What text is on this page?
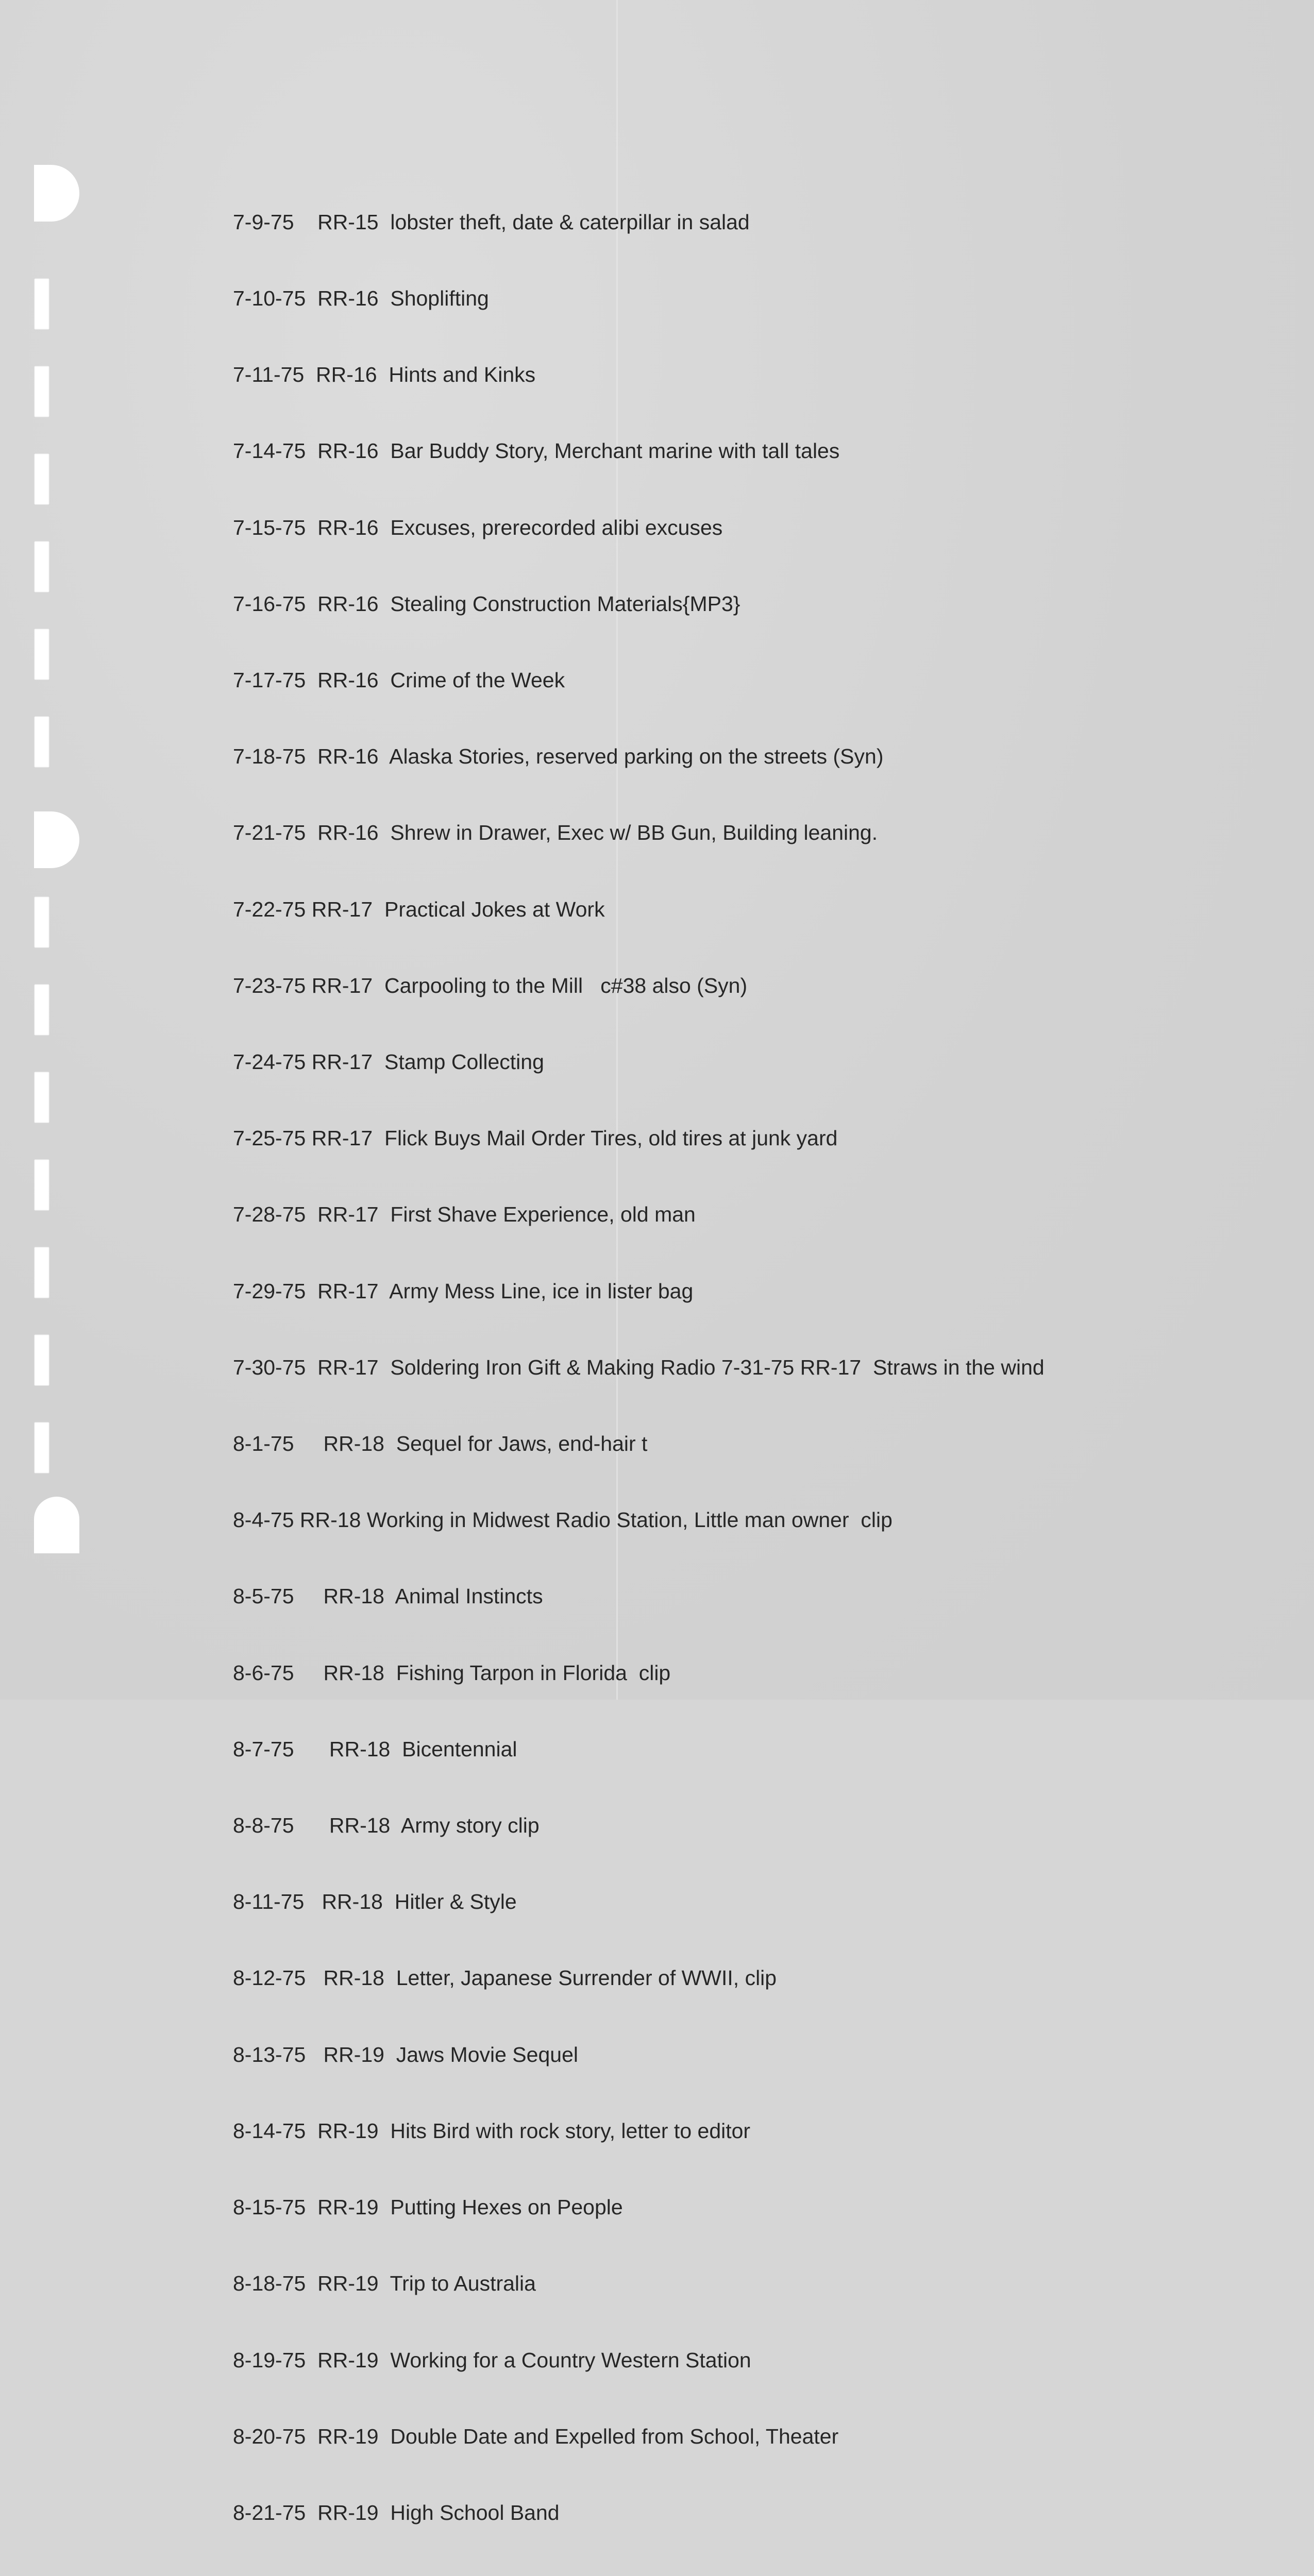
7-9-75    RR-15  lobster theft, date & caterpillar in salad

7-10-75  RR-16  Shoplifting

7-11-75  RR-16  Hints and Kinks

7-14-75  RR-16  Bar Buddy Story, Merchant marine with tall tales

7-15-75  RR-16  Excuses, prerecorded alibi excuses

7-16-75  RR-16  Stealing Construction Materials{MP3}

7-17-75  RR-16  Crime of the Week

7-18-75  RR-16  Alaska Stories, reserved parking on the streets (Syn)

7-21-75  RR-16  Shrew in Drawer, Exec w/ BB Gun, Building leaning.

7-22-75 RR-17  Practical Jokes at Work

7-23-75 RR-17  Carpooling to the Mill   c#38 also (Syn)

7-24-75 RR-17  Stamp Collecting

7-25-75 RR-17  Flick Buys Mail Order Tires, old tires at junk yard

7-28-75  RR-17  First Shave Experience, old man

7-29-75  RR-17  Army Mess Line, ice in lister bag

7-30-75  RR-17  Soldering Iron Gift & Making Radio 7-31-75 RR-17  Straws in the wind

8-1-75     RR-18  Sequel for Jaws, end-hair t

8-4-75 RR-18 Working in Midwest Radio Station, Little man owner  clip

8-5-75     RR-18  Animal Instincts

8-6-75     RR-18  Fishing Tarpon in Florida  clip

8-7-75      RR-18  Bicentennial

8-8-75      RR-18  Army story clip

8-11-75   RR-18  Hitler & Style

8-12-75   RR-18  Letter, Japanese Surrender of WWII, clip

8-13-75   RR-19  Jaws Movie Sequel

8-14-75  RR-19  Hits Bird with rock story, letter to editor

8-15-75  RR-19  Putting Hexes on People

8-18-75  RR-19  Trip to Australia

8-19-75  RR-19  Working for a Country Western Station

8-20-75  RR-19  Double Date and Expelled from School, Theater

8-21-75  RR-19  High School Band
